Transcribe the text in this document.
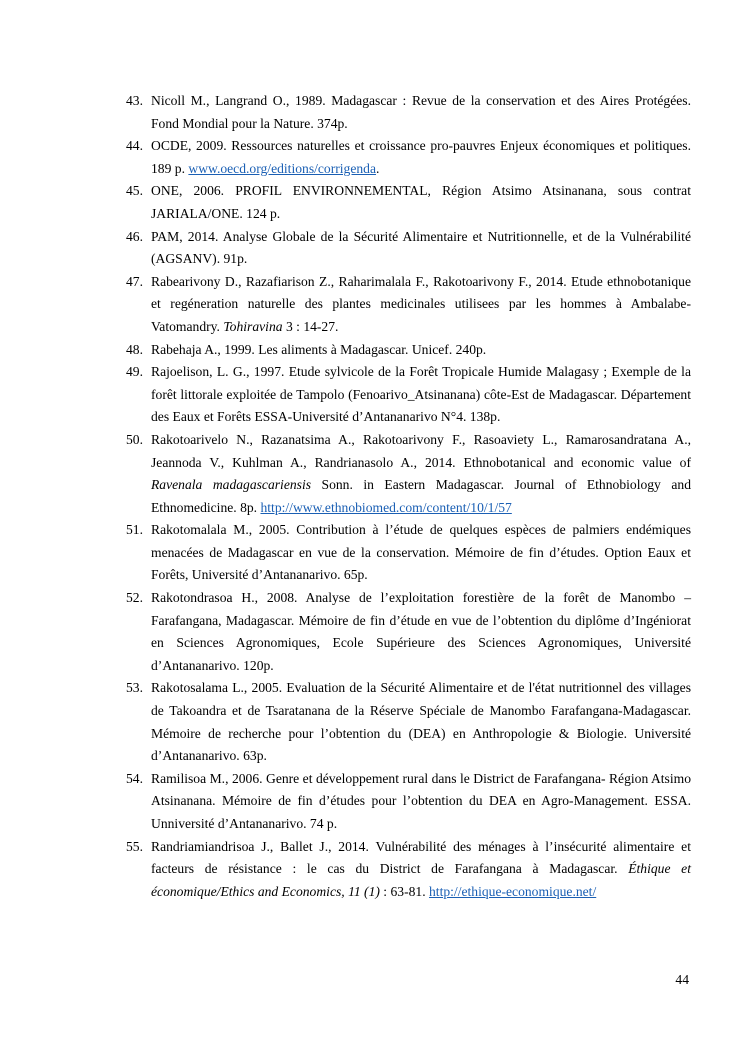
43. Nicoll M., Langrand O., 1989. Madagascar : Revue de la conservation et des Aires Protégées. Fond Mondial pour la Nature. 374p.
44. OCDE, 2009. Ressources naturelles et croissance pro-pauvres Enjeux économiques et politiques. 189 p. www.oecd.org/editions/corrigenda.
45. ONE, 2006. PROFIL ENVIRONNEMENTAL, Région Atsimo Atsinanana, sous contrat JARIALA/ONE. 124 p.
46. PAM, 2014. Analyse Globale de la Sécurité Alimentaire et Nutritionnelle, et de la Vulnérabilité (AGSANV). 91p.
47. Rabearivony D., Razafiarison Z., Raharimalala F., Rakotoarivony F., 2014. Etude ethnobotanique et regéneration naturelle des plantes medicinales utilisees par les hommes à Ambalabe-Vatomandry. Tohiravina 3 : 14-27.
48. Rabehaja A., 1999. Les aliments à Madagascar. Unicef. 240p.
49. Rajoelison, L. G., 1997. Etude sylvicole de la Forêt Tropicale Humide Malagasy ; Exemple de la forêt littorale exploitée de Tampolo (Fenoarivo_Atsinanana) côte-Est de Madagascar. Département des Eaux et Forêts ESSA-Université d’Antananarivo N°4. 138p.
50. Rakotoarivelo N., Razanatsima A., Rakotoarivony F., Rasoaviety L., Ramarosandratana A., Jeannoda V., Kuhlman A., Randrianasolo A., 2014. Ethnobotanical and economic value of Ravenala madagascariensis Sonn. in Eastern Madagascar. Journal of Ethnobiology and Ethnomedicine. 8p. http://www.ethnobiomed.com/content/10/1/57
51. Rakotomalala M., 2005. Contribution à l’étude de quelques espèces de palmiers endémiques menacées de Madagascar en vue de la conservation. Mémoire de fin d’études. Option Eaux et Forêts, Université d’Antananarivo. 65p.
52. Rakotondrasoa H., 2008. Analyse de l’exploitation forestière de la forêt de Manombo – Farafangana, Madagascar. Mémoire de fin d’étude en vue de l’obtention du diplôme d’Ingéniorat en Sciences Agronomiques, Ecole Supérieure des Sciences Agronomiques, Université d’Antananarivo. 120p.
53. Rakotosalama L., 2005. Evaluation de la Sécurité Alimentaire et de l'état nutritionnel des villages de Takoandra et de Tsaratanana de la Réserve Spéciale de Manombo Farafangana-Madagascar. Mémoire de recherche pour l’obtention du (DEA) en Anthropologie & Biologie. Université d’Antananarivo. 63p.
54. Ramilisoa M., 2006. Genre et développement rural dans le District de Farafangana- Région Atsimo Atsinanana. Mémoire de fin d’études pour l’obtention du DEA en Agro-Management. ESSA. Unniversité d’Antananarivo. 74 p.
55. Randriamiandrisoa J., Ballet J., 2014. Vulnérabilité des ménages à l’insécurité alimentaire et facteurs de résistance : le cas du District de Farafangana à Madagascar. Éthique et économique/Ethics and Economics, 11 (1) : 63-81. http://ethique-economique.net/
44
